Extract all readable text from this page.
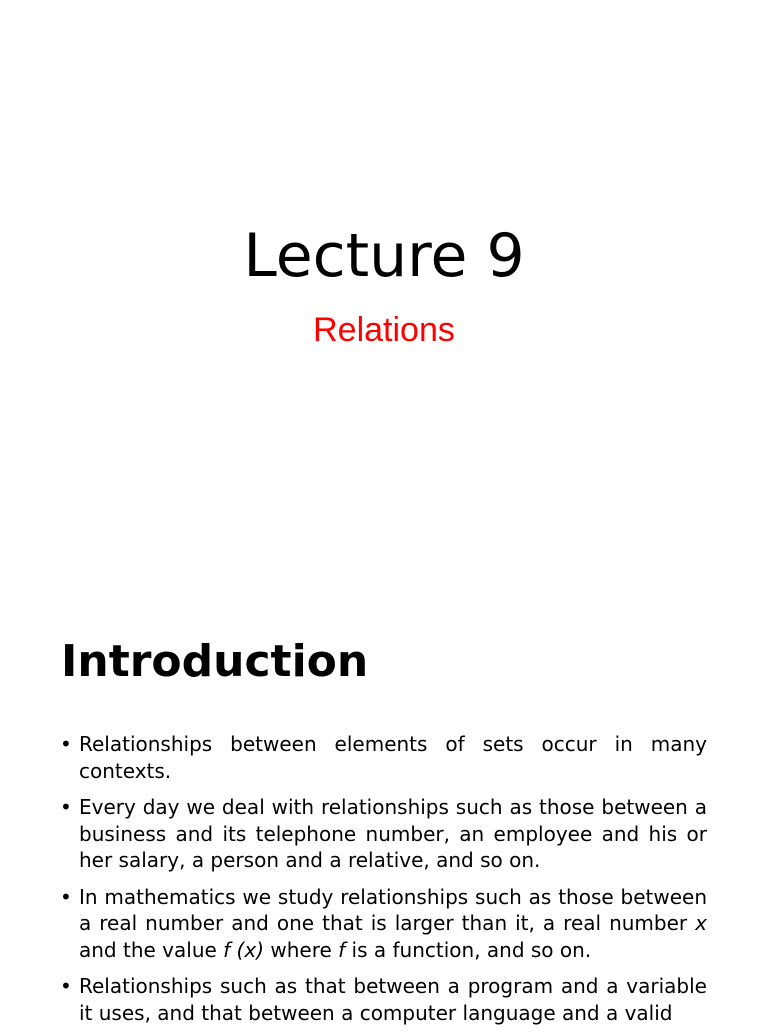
Lecture 9

Relations

Introduction
• Relationships between elements of sets occur in many contexts.
• Every day we deal with relationships such as those between a business and its telephone number, an employee and his or her salary, a person and a relative, and so on.
• In mathematics we study relationships such as those between a real number and one that is larger than it, a real number x and the value f (x) where f is a function, and so on.
• Relationships such as that between a program and a variable it uses, and that between a computer language and a valid
